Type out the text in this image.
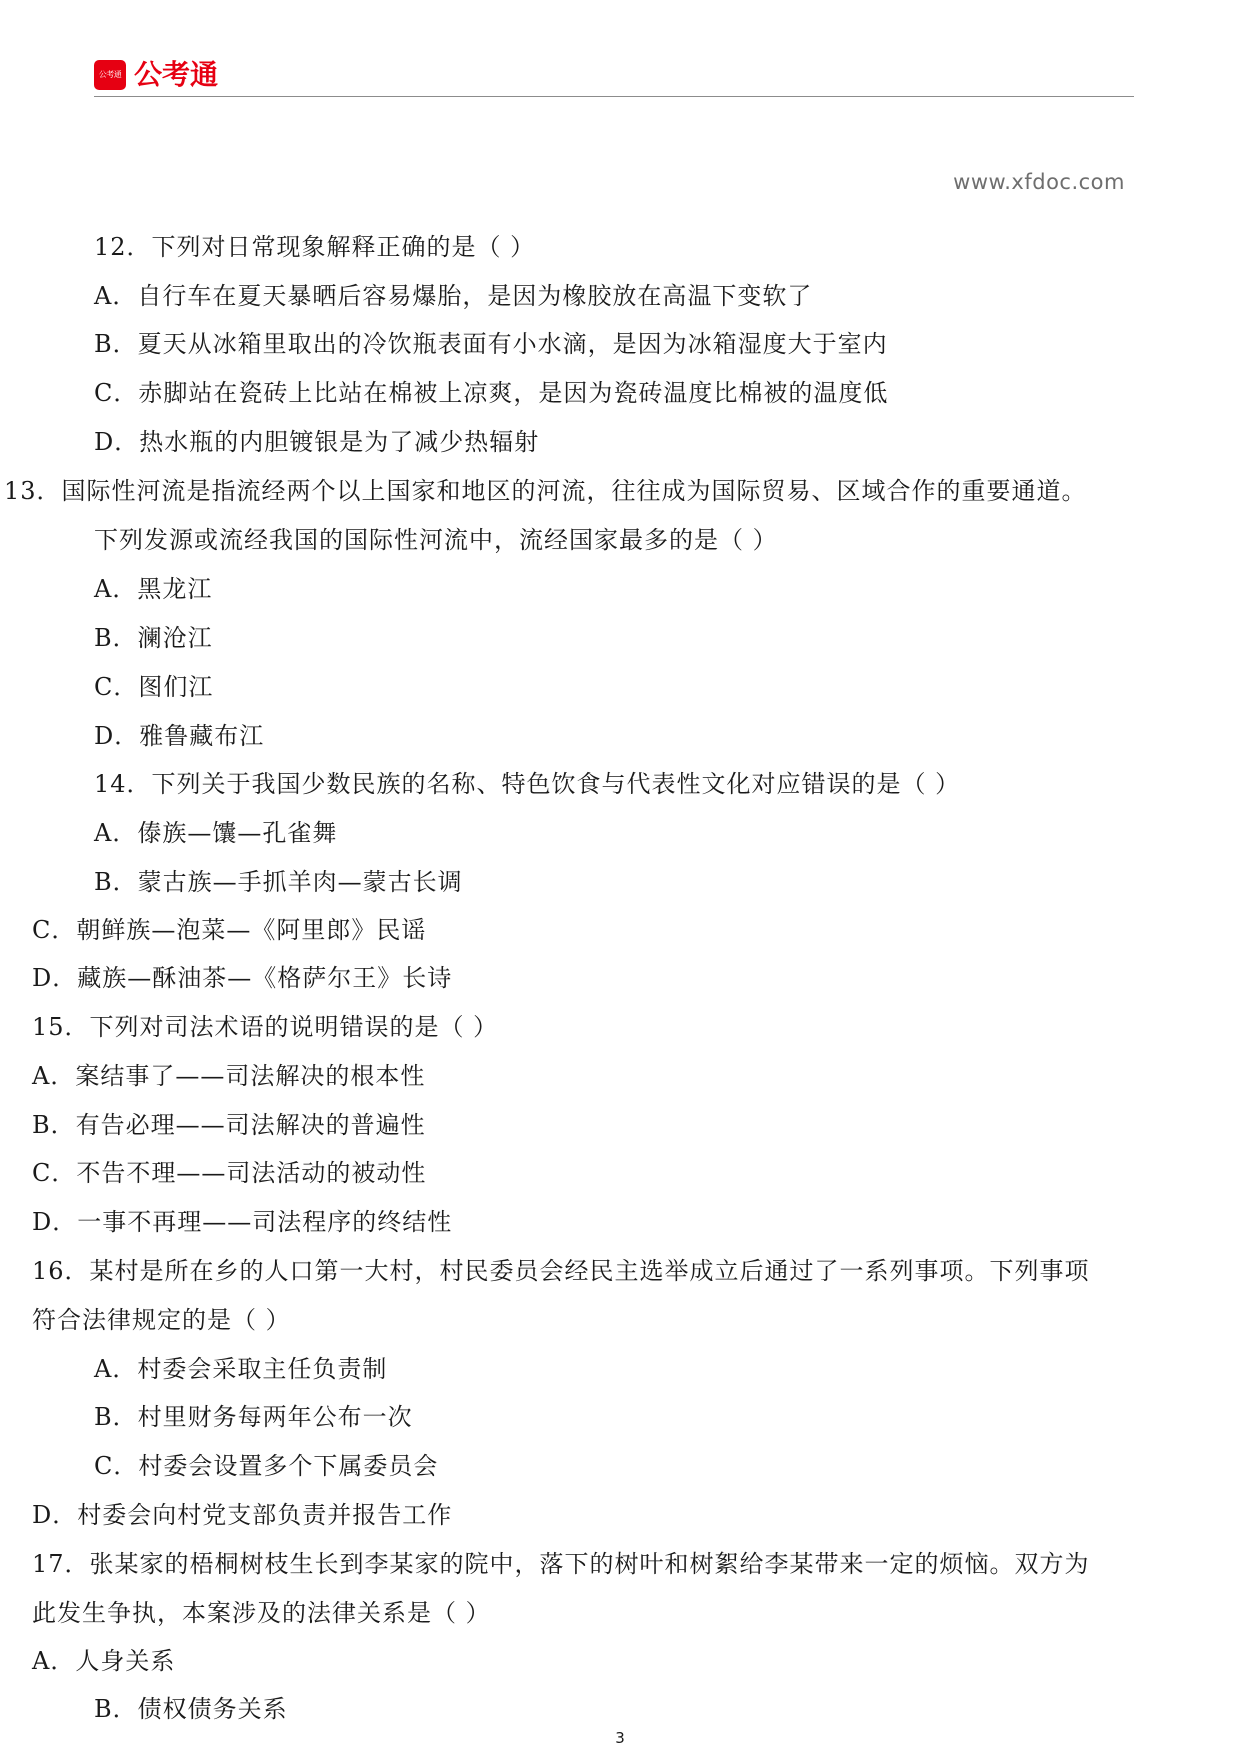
公考通 公考通
www.xfdoc.com
12．下列对日常现象解释正确的是（ ）
A．自行车在夏天暴晒后容易爆胎，是因为橡胶放在高温下变软了
B．夏天从冰箱里取出的冷饮瓶表面有小水滴，是因为冰箱湿度大于室内
C．赤脚站在瓷砖上比站在棉被上凉爽，是因为瓷砖温度比棉被的温度低
D．热水瓶的内胆镀银是为了减少热辐射
13．国际性河流是指流经两个以上国家和地区的河流，往往成为国际贸易、区域合作的重要通道。
下列发源或流经我国的国际性河流中，流经国家最多的是（ ）
A．黑龙江
B．澜沧江
C．图们江
D．雅鲁藏布江
14．下列关于我国少数民族的名称、特色饮食与代表性文化对应错误的是（ ）
A．傣族—馕—孔雀舞
B．蒙古族—手抓羊肉—蒙古长调
C．朝鲜族—泡菜—《阿里郎》民谣
D．藏族—酥油茶—《格萨尔王》长诗
15．下列对司法术语的说明错误的是（ ）
A．案结事了——司法解决的根本性
B．有告必理——司法解决的普遍性
C．不告不理——司法活动的被动性
D．一事不再理——司法程序的终结性
16．某村是所在乡的人口第一大村，村民委员会经民主选举成立后通过了一系列事项。下列事项
符合法律规定的是（ ）
A．村委会采取主任负责制
B．村里财务每两年公布一次
C．村委会设置多个下属委员会
D．村委会向村党支部负责并报告工作
17．张某家的梧桐树枝生长到李某家的院中，落下的树叶和树絮给李某带来一定的烦恼。双方为
此发生争执，本案涉及的法律关系是（ ）
A．人身关系
B．债权债务关系
3
